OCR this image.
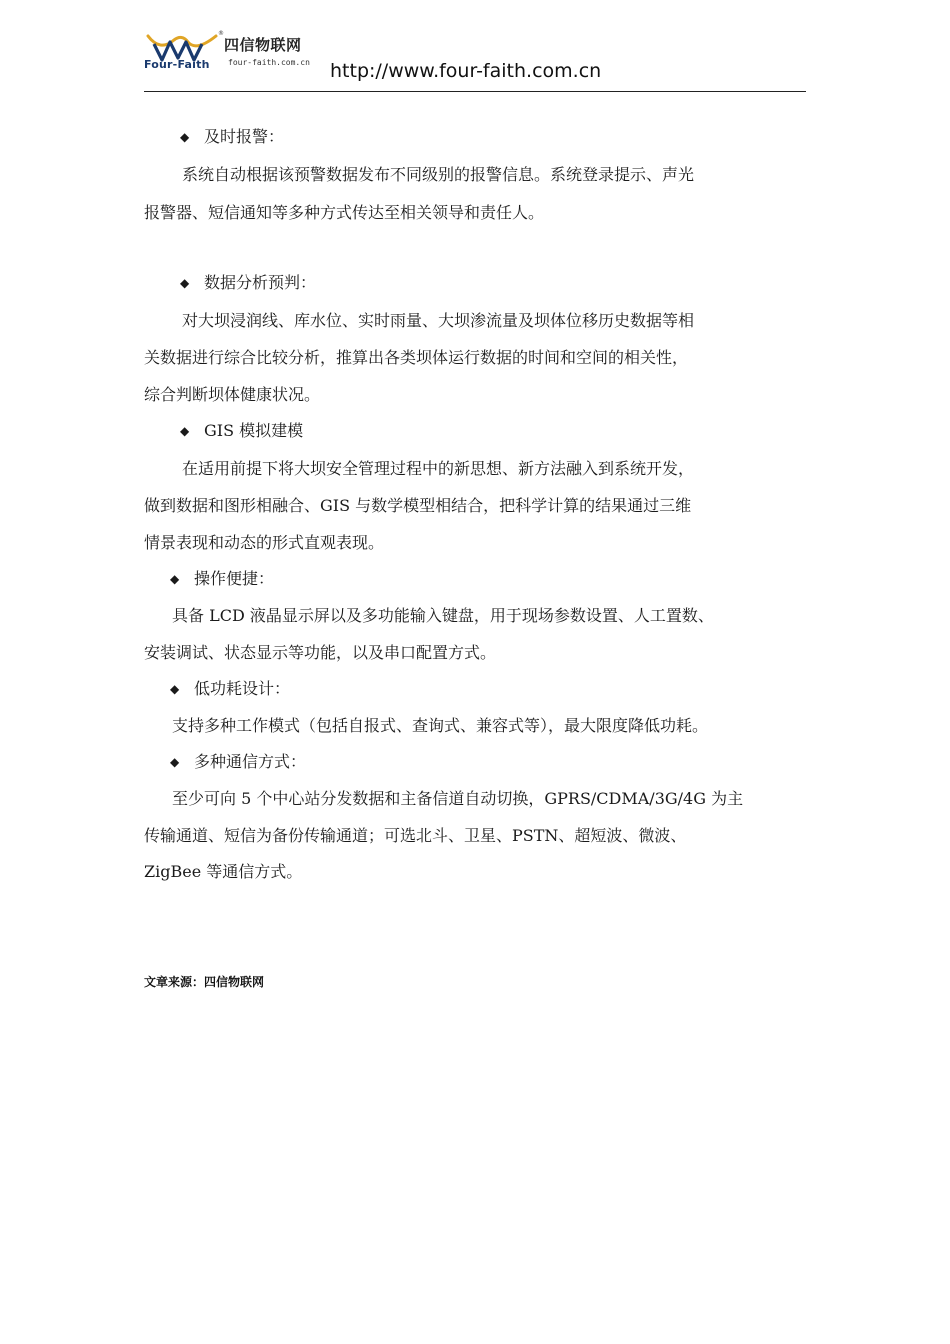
®
四信物联网
Four-Faith four-faith.com.cn http://www.four-faith.com.cn
◆ 及时报警：
系统自动根据该预警数据发布不同级别的报警信息。系统登录提示、声光
报警器、短信通知等多种方式传达至相关领导和责任人。
◆ 数据分析预判：
对大坝浸润线、库水位、实时雨量、大坝渗流量及坝体位移历史数据等相
关数据进行综合比较分析，推算出各类坝体运行数据的时间和空间的相关性，
综合判断坝体健康状况。
◆ GIS 模拟建模
在适用前提下将大坝安全管理过程中的新思想、新方法融入到系统开发，
做到数据和图形相融合、GIS 与数学模型相结合，把科学计算的结果通过三维
情景表现和动态的形式直观表现。
◆ 操作便捷：
具备 LCD 液晶显示屏以及多功能输入键盘，用于现场参数设置、人工置数、
安装调试、状态显示等功能，以及串口配置方式。
◆ 低功耗设计：
支持多种工作模式（包括自报式、查询式、兼容式等），最大限度降低功耗。
◆ 多种通信方式：
至少可向 5 个中心站分发数据和主备信道自动切换，GPRS/CDMA/3G/4G 为主
传输通道、短信为备份传输通道；可选北斗、卫星、PSTN、超短波、微波、
ZigBee 等通信方式。
文章来源：四信物联网
